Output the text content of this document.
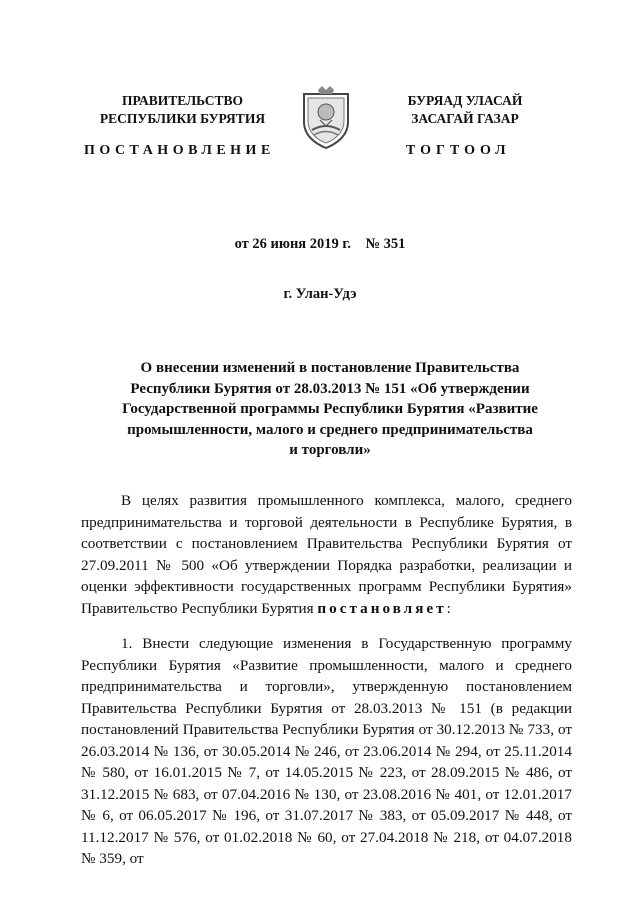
ПРАВИТЕЛЬСТВО
РЕСПУБЛИКИ БУРЯТИЯ
БУРЯАД УЛАСАЙ
ЗАСАГАЙ ГАЗАР
ПОСТАНОВЛЕНИЕ	ТОГТООЛ
от 26 июня 2019 г.    № 351
г. Улан-Удэ
О внесении изменений в постановление Правительства
Республики Бурятия от 28.03.2013 № 151 «Об утверждении
Государственной программы Республики Бурятия «Развитие
промышленности, малого и среднего предпринимательства
и торговли»
В целях развития промышленного комплекса, малого, среднего предпринимательства и торговой деятельности в Республике Бурятия, в соответствии с постановлением Правительства Республики Бурятия от 27.09.2011 № 500 «Об утверждении Порядка разработки, реализации и оценки эффективности государственных программ Республики Бурятия» Правительство Республики Бурятия постановляет:
1. Внести следующие изменения в Государственную программу Республики Бурятия «Развитие промышленности, малого и среднего предпринимательства и торговли», утвержденную постановлением Правительства Республики Бурятия от 28.03.2013 № 151 (в редакции постановлений Правительства Республики Бурятия от 30.12.2013 № 733, от 26.03.2014 № 136, от 30.05.2014 № 246, от 23.06.2014 № 294, от 25.11.2014 № 580, от 16.01.2015 № 7, от 14.05.2015 № 223, от 28.09.2015 № 486, от 31.12.2015 № 683, от 07.04.2016 № 130, от 23.08.2016 № 401, от 12.01.2017 № 6, от 06.05.2017 № 196, от 31.07.2017 № 383, от 05.09.2017 № 448, от 11.12.2017 № 576, от 01.02.2018 № 60, от 27.04.2018 № 218, от 04.07.2018 № 359, от
